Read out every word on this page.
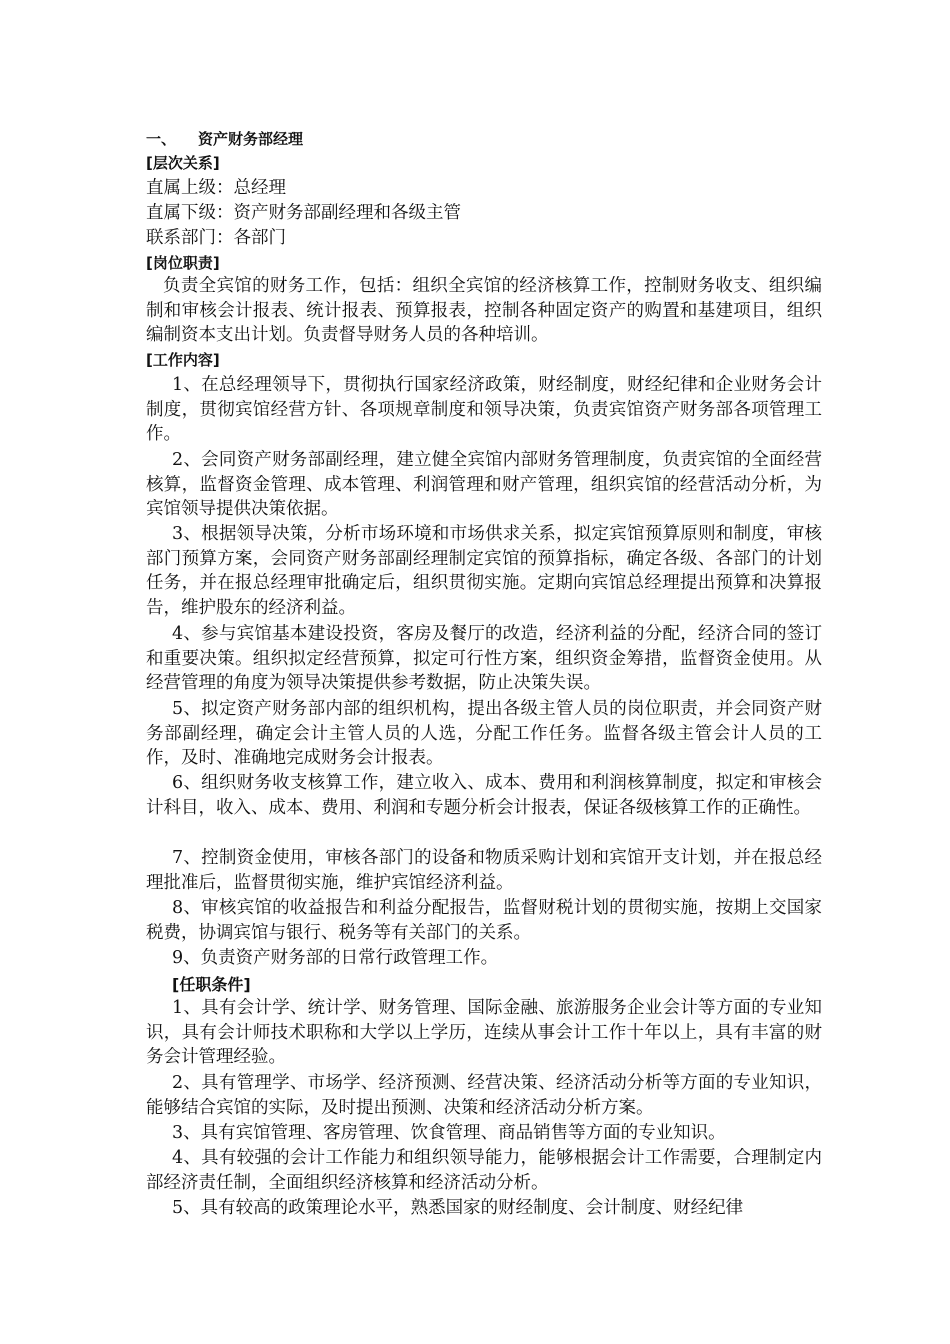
一、 资产财务部经理
[层次关系]
直属上级：总经理
直属下级：资产财务部副经理和各级主管
联系部门：各部门
[岗位职责]
负责全宾馆的财务工作，包括：组织全宾馆的经济核算工作，控制财务收支、组织编制和审核会计报表、统计报表、预算报表，控制各种固定资产的购置和基建项目，组织编制资本支出计划。负责督导财务人员的各种培训。
[工作内容]
1、在总经理领导下，贯彻执行国家经济政策，财经制度，财经纪律和企业财务会计制度，贯彻宾馆经营方针、各项规章制度和领导决策，负责宾馆资产财务部各项管理工作。
2、会同资产财务部副经理，建立健全宾馆内部财务管理制度，负责宾馆的全面经营核算，监督资金管理、成本管理、利润管理和财产管理，组织宾馆的经营活动分析，为宾馆领导提供决策依据。
3、根据领导决策，分析市场环境和市场供求关系，拟定宾馆预算原则和制度，审核部门预算方案，会同资产财务部副经理制定宾馆的预算指标，确定各级、各部门的计划任务，并在报总经理审批确定后，组织贯彻实施。定期向宾馆总经理提出预算和决算报告，维护股东的经济利益。
4、参与宾馆基本建设投资，客房及餐厅的改造，经济利益的分配，经济合同的签订和重要决策。组织拟定经营预算，拟定可行性方案，组织资金筹措，监督资金使用。从经营管理的角度为领导决策提供参考数据，防止决策失误。
5、拟定资产财务部内部的组织机构，提出各级主管人员的岗位职责，并会同资产财务部副经理，确定会计主管人员的人选，分配工作任务。监督各级主管会计人员的工作，及时、准确地完成财务会计报表。
6、组织财务收支核算工作，建立收入、成本、费用和利润核算制度，拟定和审核会计科目，收入、成本、费用、利润和专题分析会计报表，保证各级核算工作的正确性。
7、控制资金使用，审核各部门的设备和物质采购计划和宾馆开支计划，并在报总经理批准后，监督贯彻实施，维护宾馆经济利益。
8、审核宾馆的收益报告和利益分配报告，监督财税计划的贯彻实施，按期上交国家税费，协调宾馆与银行、税务等有关部门的关系。
9、负责资产财务部的日常行政管理工作。
[任职条件]
1、具有会计学、统计学、财务管理、国际金融、旅游服务企业会计等方面的专业知识，具有会计师技术职称和大学以上学历，连续从事会计工作十年以上，具有丰富的财务会计管理经验。
2、具有管理学、市场学、经济预测、经营决策、经济活动分析等方面的专业知识，能够结合宾馆的实际，及时提出预测、决策和经济活动分析方案。
3、具有宾馆管理、客房管理、饮食管理、商品销售等方面的专业知识。
4、具有较强的会计工作能力和组织领导能力，能够根据会计工作需要，合理制定内部经济责任制，全面组织经济核算和经济活动分析。
5、具有较高的政策理论水平，熟悉国家的财经制度、会计制度、财经纪律
